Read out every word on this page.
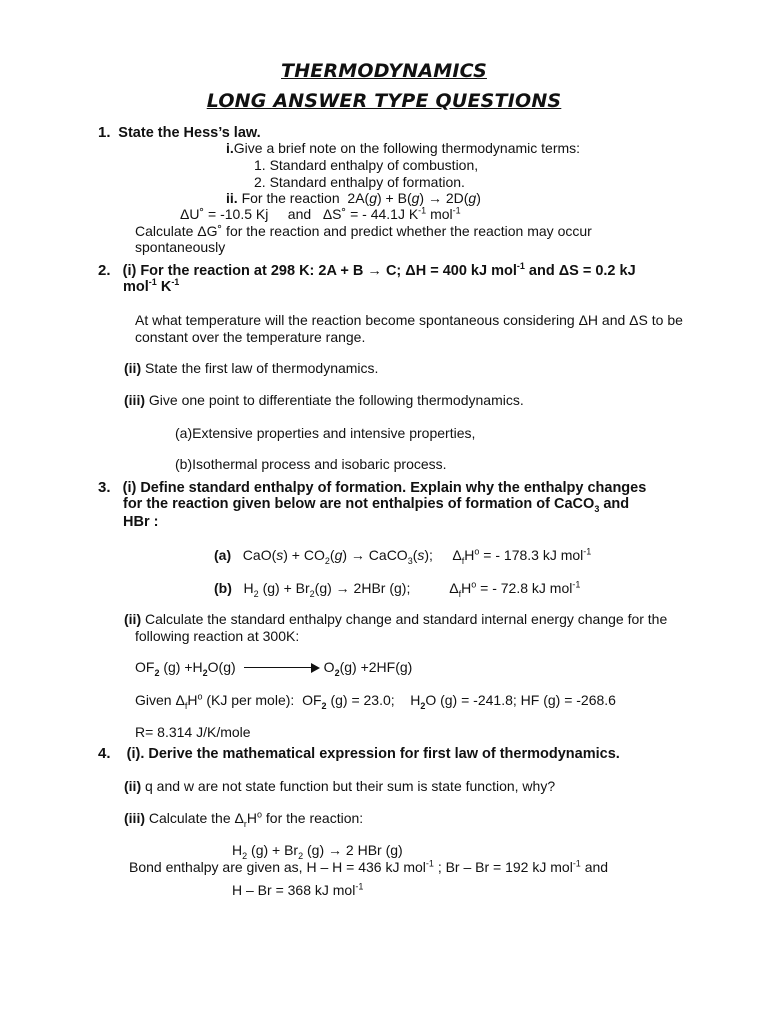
THERMODYNAMICS
LONG ANSWER TYPE QUESTIONS
1. State the Hess’s law.
i.Give a brief note on the following thermodynamic terms:
1. Standard enthalpy of combustion,
2. Standard enthalpy of formation.
ii. For the reaction  2A(g) + B(g) → 2D(g)
ΔU˚ = -10.5 Kj and   ΔS˚ = - 44.1J $K^{-1}$ mol$^{-1}$
Calculate ΔG˚ for the reaction and predict whether the reaction may occur
spontaneously
2. (i) For the reaction at 298 K: 2A + B → C; ΔH = 400 kJ mol$^{-1}$ and ΔS = 0.2 kJ
mol$^{-1}$ $K^{-1}$
At what temperature will the reaction become spontaneous considering ΔH and ΔS to be
constant over the temperature range.
(ii) State the first law of thermodynamics.
(iii) Give one point to differentiate the following thermodynamics.
(a)Extensive properties and intensive properties,
(b)Isothermal process and isobaric process.
3. (i) Define standard enthalpy of formation. Explain why the enthalpy changes
for the reaction given below are not enthalpies of formation of CaCO$_3$ and
HBr :
(a)   $CaO(s) + CO_2(g)$ → CaCO$_3$(s);     $\Delta_fH^o$ = - 178.3 kJ mol$^{-1}$
(b)   $H_2$ $(g) + Br_2(g) \to 2HBr$ (g);          $\Delta_fH^o$ = - 72.8 kJ mol$^{-1}$
(ii) Calculate the standard enthalpy change and standard internal energy change for the
following reaction at 300K:
$OF_2$ $(g) +H_2O(g)$	$O_2(g) +2HF(g)$
Given $\Delta_fH^o$ (KJ per mole):  $OF_2$ (g) = 23.0;    $H_2O$ (g) = -241.8; HF (g) = -268.6
R= 8.314 J/K/mole
4. (i). Derive the mathematical expression for first law of thermodynamics.
(ii) q and w are not state function but their sum is state function, why?
(iii) Calculate the $\Delta_rH^o$ for the reaction:
$H_2$ $(g) + Br_2$ (g) → 2 HBr (g)
Bond enthalpy are given as, H – H = 436 kJ mol$^{-1}$ ; Br – Br = 192 kJ mol$^{-1}$ and
H – Br = 368 kJ mol$^{-1}$
